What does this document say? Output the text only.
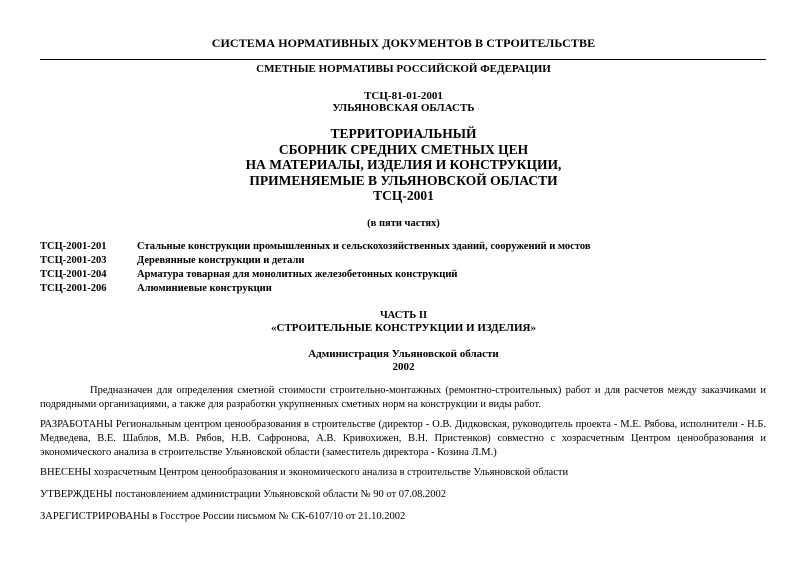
СИСТЕМА НОРМАТИВНЫХ ДОКУМЕНТОВ В СТРОИТЕЛЬСТВЕ
СМЕТНЫЕ НОРМАТИВЫ РОССИЙСКОЙ ФЕДЕРАЦИИ
ТСЦ-81-01-2001
УЛЬЯНОВСКАЯ ОБЛАСТЬ
ТЕРРИТОРИАЛЬНЫЙ
СБОРНИК СРЕДНИХ СМЕТНЫХ ЦЕН
НА МАТЕРИАЛЫ, ИЗДЕЛИЯ И КОНСТРУКЦИИ,
ПРИМЕНЯЕМЫЕ В УЛЬЯНОВСКОЙ ОБЛАСТИ
ТСЦ-2001
(в пяти частях)
ТСЦ-2001-201	Стальные конструкции промышленных и сельскохозяйственных зданий, сооружений и мостов
ТСЦ-2001-203	Деревянные конструкции и детали
ТСЦ-2001-204	Арматура товарная для монолитных железобетонных конструкций
ТСЦ-2001-206	Алюминиевые конструкции
ЧАСТЬ II
«СТРОИТЕЛЬНЫЕ КОНСТРУКЦИИ И ИЗДЕЛИЯ»
Администрация Ульяновской области
2002
Предназначен для определения сметной стоимости строительно-монтажных (ремонтно-строительных) работ и для расчетов между заказчиками и подрядными организациями, а также для разработки укрупненных сметных норм на конструкции и виды работ.
РАЗРАБОТАНЫ Региональным центром ценообразования в строительстве (директор - О.В. Дидковская, руководитель проекта - М.Е. Рябова, исполнители - Н.Б. Медведева, В.Е. Шаблов, М.В. Рябов, Н.В. Сафронова, А.В. Кривохижен, В.Н. Пристенков) совместно с хозрасчетным Центром ценообразования и экономического анализа в строительстве Ульяновской области (заместитель директора - Козина Л.М.)
ВНЕСЕНЫ хозрасчетным Центром ценообразования и экономического анализа в строительстве Ульяновской области
УТВЕРЖДЕНЫ постановлением администрации Ульяновской области № 90 от 07.08.2002
ЗАРЕГИСТРИРОВАНЫ в Госстрое России письмом № СК-6107/10 от 21.10.2002
